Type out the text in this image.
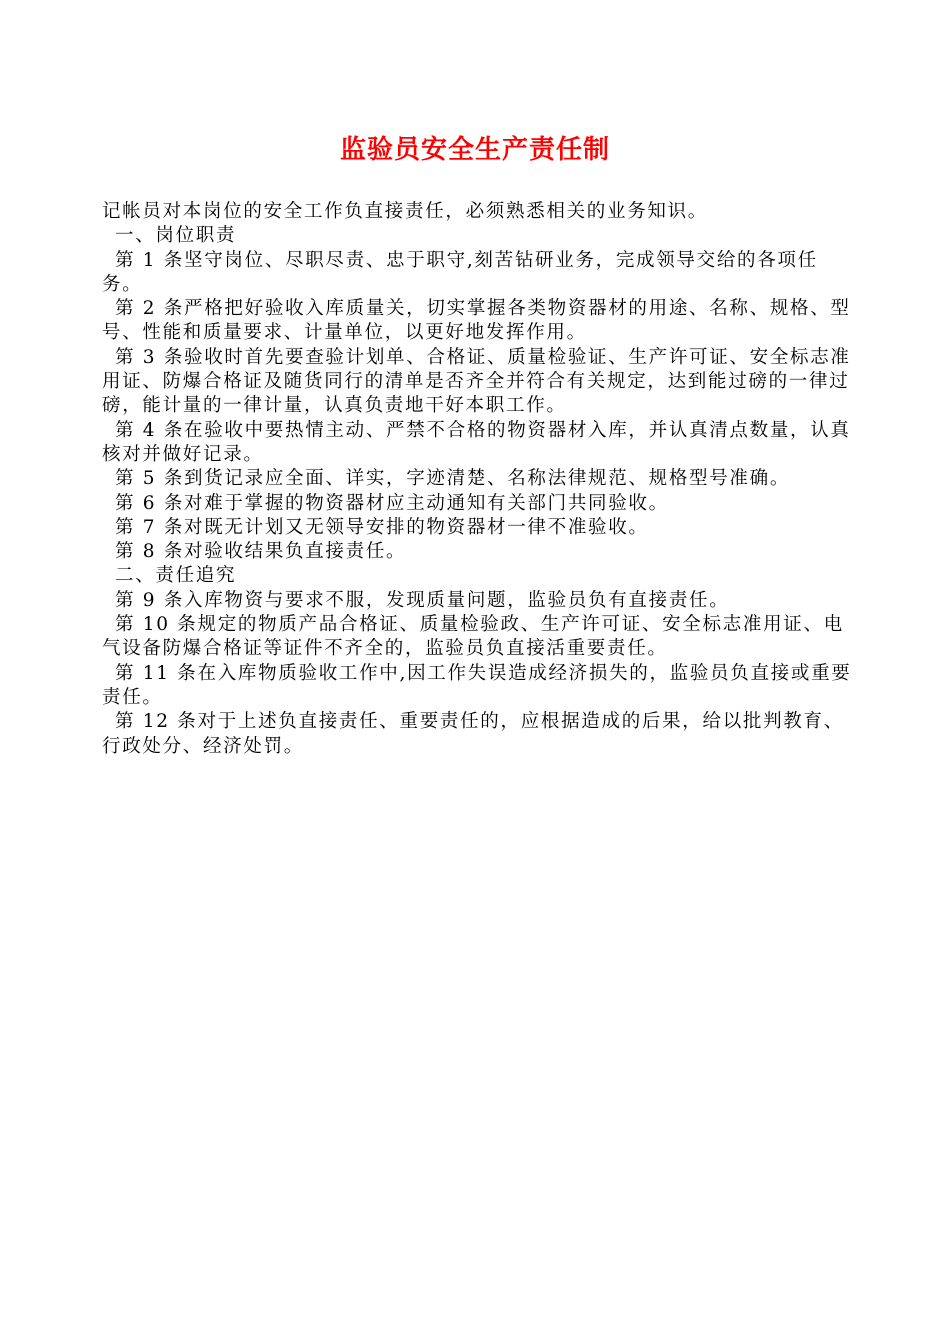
监验员安全生产责任制

记帐员对本岗位的安全工作负直接责任，必须熟悉相关的业务知识。

一、岗位职责

第 1 条坚守岗位、尽职尽责、忠于职守,刻苦钻研业务，完成领导交给的各项任务。

第 2 条严格把好验收入库质量关，切实掌握各类物资器材的用途、名称、规格、型号、性能和质量要求、计量单位，以更好地发挥作用。

第 3 条验收时首先要查验计划单、合格证、质量检验证、生产许可证、安全标志准用证、防爆合格证及随货同行的清单是否齐全并符合有关规定，达到能过磅的一律过磅，能计量的一律计量，认真负责地干好本职工作。

第 4 条在验收中要热情主动、严禁不合格的物资器材入库，并认真清点数量，认真核对并做好记录。

第 5 条到货记录应全面、详实，字迹清楚、名称法律规范、规格型号准确。

第 6 条对难于掌握的物资器材应主动通知有关部门共同验收。

第 7 条对既无计划又无领导安排的物资器材一律不准验收。

第 8 条对验收结果负直接责任。

二、责任追究

第 9 条入库物资与要求不服，发现质量问题，监验员负有直接责任。

第 10 条规定的物质产品合格证、质量检验政、生产许可证、安全标志准用证、电气设备防爆合格证等证件不齐全的，监验员负直接活重要责任。

第 11 条在入库物质验收工作中,因工作失误造成经济损失的，监验员负直接或重要责任。

第 12 条对于上述负直接责任、重要责任的，应根据造成的后果，给以批判教育、行政处分、经济处罚。
